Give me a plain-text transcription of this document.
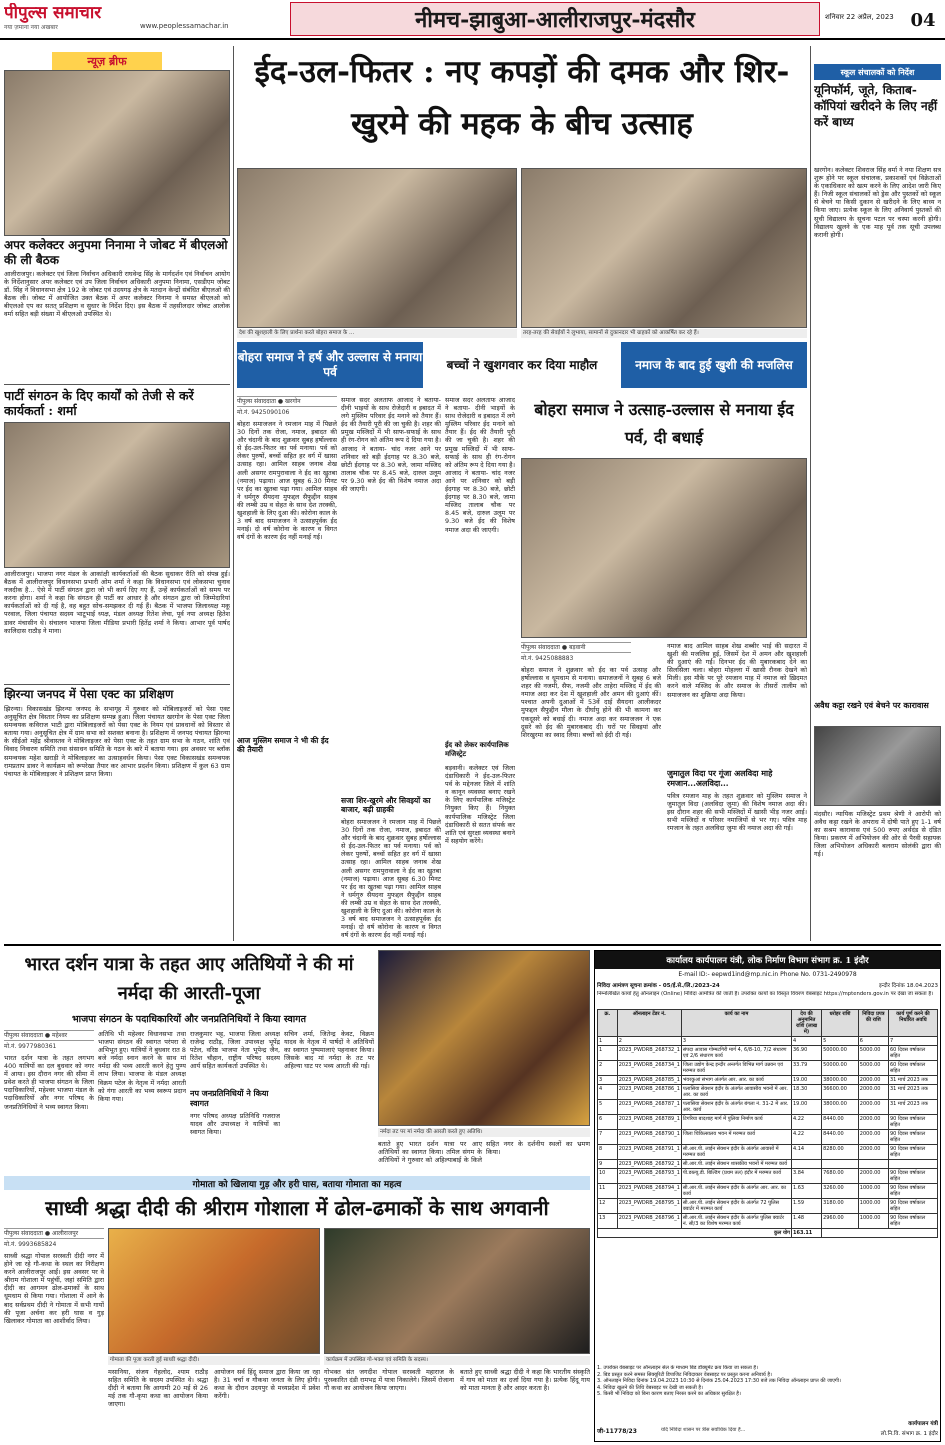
पीपुल्स समाचार
नया ज़माना नया अखबार	www.peoplessamachar.in	नीमच-झाबुआ-आलीराजपुर-मंदसौर	शनिवार 22 अप्रैल, 2023 04
न्यूज़ ब्रीफ
अपर कलेक्टर अनुपमा निनामा ने जोबट में बीएलओ की ली बैठक
आलीराजपुर। कलेक्टर एवं जिला निर्वाचन अधिकारी राघवेन्द्र सिंह के मार्गदर्शन एवं निर्वाचन आयोग के निर्देशानुसार अपर कलेक्टर एवं उप जिला निर्वाचन अधिकारी अनुपमा निनामा, एसडीएम जोबट डॉ. सिंह ने विधानसभा क्षेत्र 192 के जोबट एवं उदयगढ़ क्षेत्र के मतदान केन्द्रों संबंधित बीएलओ की बैठक ली। जोबट में आयोजित उक्त बैठक में अपर कलेक्टर निनामा ने समस्त बीएलओ को बीएलओ एप का सतत् प्रशिक्षण व सुधार के निर्देश दिए। इस बैठक में तहसीलदार जोबट आलोक वर्मा सहित बड़ी संख्या में बीएलओ उपस्थित थे।
पार्टी संगठन के दिए कार्यों को तेजी से करें कार्यकर्ता : शर्मा
आलीराजपुर। भाजपा नगर मंडल के आकांक्षी कार्यकर्ताओं की बैठक सुधाकर रीति को संपन्न हुई। बैठक में आलीराजपुर विधानसभा प्रभारी ओम शर्मा ने कहा कि विधानसभा एवं लोकसभा चुनाव नजदीक है... ऐसे में पार्टी संगठन द्वारा जो भी कार्य दिए गए हैं, उन्हें कार्यकर्ताओं को समय पर करना होगा। शर्मा ने कहा कि संगठन ही पार्टी का आधार है और संगठन द्वारा जो जिम्मेदारियां कार्यकर्ताओं को दी गई है, वह बहुत सोच-समझकर दी गई हैं। बैठक में भाजपा जिलाध्यक्ष मकू परवाल, जिला पंचायत सदस्य भाटूभाई ध्यक्ष, मंडल अध्यक्ष रितेश लेचा, पूर्व नपा अध्यक्ष हितेश डावर मंचासीन थे। संचालन भाजपा जिला मीडिया प्रभारी हितेंद्र शर्मा ने किया। आभार पूर्व पार्षद कालिदास राठौड़ ने माना।
झिरन्या जनपद में पेसा एक्ट का प्रशिक्षण
झिरन्या। विकासखंड झिरन्या जनपद के सभागृह में गुरुवार को मोबिलाइजरों को पेसा एक्ट अनुसूचित क्षेत्र विस्तार नियम का प्रशिक्षण सम्पन्न हुआ। जिला पंचायत खरगोन के पेसा एक्ट जिला समन्वयक कविराज भाटी द्वारा मोबिलाइजरों को पेसा एक्ट के नियम एवं प्रावधानों को विस्तार से बताया गया। अनुसूचित क्षेत्र में ग्राम सभा को सशक्त बनाना है। प्रशिक्षण में जनपद पंचायत झिरन्या के सीईओ महेंद्र श्रीवास्तव ने मोबिलाइजर को पेसा एक्ट के तहत ग्राम सभा के गठन, शांति एवं विवाद निवारण समिति तथा संसाधन समिति के गठन के बारे में बताया गया। इस अवसर पर ब्लॉक समन्वयक महेश खराड़ी ने मोबिलाइजर का उत्साहवर्धन किया। पेसा एक्ट विकासखंड समन्वयक रामप्रताप डावर ने कार्यक्रम को रूपरेखा तैयार कर आभार प्रदर्शन किया। प्रशिक्षण में कुल 63 ग्राम पंचायत के मोबिलाइजर ने प्रशिक्षण प्राप्त किया।
ईद-उल-फितर : नए कपड़ों की दमक और शिर-खुरमे की महक के बीच उत्साह
देश की खुशहाली के लिए प्रार्थना करते बोहरा समाज के ...	तरह-तरह की सेवईयों ने लुभाया, सामानों से दुकानदार भी ग्राहकों को आकर्षित कर रहे हैं।
बोहरा समाज ने हर्ष और उल्लास से मनाया पर्व
बच्चों ने खुशगवार कर दिया माहौल	नमाज के बाद हुई खुशी की मजलिस
पीपुल्स संवाददाता ● खरगोन
मो.नं. 9425090106
बोहरा समाजजन ने रमजान माह में पिछले 30 दिनों तक रोजा, नमाज, इबादत की और चंदानी के बाद शुक्रवार सुबह हर्षोल्लास से ईद-उल-फितर का पर्व मनाया। पर्व को लेकर पुरुषों, बच्चों सहित हर वर्ग में खासा उत्साह रहा। आमिल साहब जनाब शेख अली असगर रामपुरावाला ने ईद का खुतबा (नमाज) पढ़ाया। आज सुबह 6.30 मिनट पर ईद का खुतबा पढ़ा गया। आमिल साहब ने धर्मगुरु सैयदना मुफद्दल सैफुद्दीन साहब की लम्बी उम्र व सेहत के साथ देश तरक्की, खुशहाली के लिए दुआ की। कोरोना काल के 3 वर्ष बाद समाजजन ने उत्साहपूर्वक ईद मनाई। दो वर्ष कोरोना के कारण व विगत वर्ष दंगों के कारण ईद नहीं मनाई गई।
समाज सदर अलताफ आजाद ने बताया- दीनी भाइयों के साथ रोजेदारी व इबादत में लगे मुस्लिम परिवार ईद मनाने को तैयार हैं। ईद की तैयारी पूरी की जा चुकी है। शहर की प्रमुख मस्जिदों में भी साफ-सफाई के साथ ही रंग-रोगन को अंतिम रूप दे दिया गया है। आजाद ने बताया- चांद नजर आने पर शनिवार को बड़ी ईदगाह पर 8.30 बजे, छोटी ईदगाह पर 8.30 बजे, जामा मस्जिद तालाब चौक पर 8.45 बजे, दारुल उलूम पर 9.30 बजे ईद की विशेष नमाज अदा की जाएगी।
आज मुस्लिम समाज ने भी की ईद की तैयारी
सजा शिर-खुरमे और सिवइयों का बाजार, बढ़ी ग्राहकी
बोहरा समाजजन ने रमजान माह में पिछले 30 दिनों तक रोजा, नमाज, इबादत की और चंदानी के बाद शुक्रवार सुबह हर्षोल्लास से ईद-उल-फितर का पर्व मनाया। पर्व को लेकर पुरुषों, बच्चों सहित हर वर्ग में खासा उत्साह रहा। आमिल साहब जनाब शेख अली असगर रामपुरावाला ने ईद का खुतबा (नमाज) पढ़ाया। आज सुबह 6.30 मिनट पर ईद का खुतबा पढ़ा गया। आमिल साहब ने धर्मगुरु सैयदना मुफद्दल सैफुद्दीन साहब की लम्बी उम्र व सेहत के साथ देश तरक्की, खुशहाली के लिए दुआ की। कोरोना काल के 3 वर्ष बाद समाजजन ने उत्साहपूर्वक ईद मनाई। दो वर्ष कोरोना के कारण व विगत वर्ष दंगों के कारण ईद नहीं मनाई गई।
समाज सदर अलताफ आजाद ने बताया- दीनी भाइयों के साथ रोजेदारी व इबादत में लगे मुस्लिम परिवार ईद मनाने को तैयार हैं। ईद की तैयारी पूरी की जा चुकी है। शहर की प्रमुख मस्जिदों में भी साफ-सफाई के साथ ही रंग-रोगन को अंतिम रूप दे दिया गया है। आजाद ने बताया- चांद नजर आने पर शनिवार को बड़ी ईदगाह पर 8.30 बजे, छोटी ईदगाह पर 8.30 बजे, जामा मस्जिद तालाब चौक पर 8.45 बजे, दारुल उलूम पर 9.30 बजे ईद की विशेष नमाज अदा की जाएगी।
ईद को लेकर कार्यपालिक मजिस्ट्रेट
बड़वानी। कलेक्टर एवं जिला दंडाधिकारी ने ईद-उल-फितर पर्व के मद्देनजर जिले में शांति व कानून व्यवस्था बनाए रखने के लिए कार्यपालिक मजिस्ट्रेट नियुक्त किए हैं। नियुक्त कार्यपालिक मजिस्ट्रेट जिला दंडाधिकारी से सतत संपर्क कर शांति एवं सुरक्षा व्यवस्था बनाने में सहयोग करेंगे।
बोहरा समाज ने उत्साह-उल्लास से मनाया ईद पर्व, दी बधाई
पीपुल्स संवाददाता ● बड़वानी
मो.नं. 9425088883
बोहरा समाज ने शुक्रवार को ईद का पर्व उत्साह और हर्षोल्लास व धूमधाम से मनाया। समाजजनों ने सुबह 6 बजे शहर की नजमी, सैफ, नजमी और ताहेरा मस्जिद में ईद की नमाज अदा कर देश में खुशहाली और अमन की दुआएं कीं। पश्चात अपनी दुआओं में 53वें दाई सैयदना आलीकदर मुफद्दल सैफुद्दीन मौला के दीर्घायु होने की भी कामना कर एकदूसरे को बधाई दी। नमाज अदा कर समाजजन ने एक दूसरे को ईद की मुबारकबाद दी। घरों पर सिवइयां और शिरखुरमा का स्वाद लिया। बच्चों को ईदी दी गई।
नमाज बाद आमिल साहब शेख शब्बीर भाई की सदारत में खुशी की मजलिस हुई, जिसमें देश में अमन और खुशहाली की दुआएं की गईं। दिनभर ईद की मुबारकबाद देने का सिलसिला चला। बोहरा मोहल्ला में खासी रौनक देखने को मिली। इस मौके पर पूरे रमजान माह में नमाज को ख़िदमत करने वाले मस्जिद के और समाज के तीसरों तालीम को समाजजन का शुक्रिया अदा किया।
जुमातुल विदा पर गूंजा अलविदा माहे रमजान...अलविदा...
पवित्र रमजान माह के तहत शुक्रवार को मुस्लिम समाज ने जुमातुल विदा (अलविदा जुमा) की विशेष नमाज अदा की। इस दौरान शहर की सभी मस्जिदों में खासी भीड़ नजर आई। सभी मस्जिदों व परिसर नमाजियों से भर गए। पवित्र माह रमजान के तहत अलविदा जुमा की नमाज अदा की गई।
स्कूल संचालकों को निर्देश
यूनिफॉर्म, जूते, किताब-कॉपियां खरीदने के लिए नहीं करें बाध्य
खरगोन। कलेक्टर शिवराज सिंह वर्मा ने नया शिक्षण सत्र शुरू होने पर स्कूल संचालक, प्रकाशकों एवं विक्रेताओं के एकाधिकार को खत्म करने के लिए आदेश जारी किए हैं। निजी स्कूल संचालकों को ड्रेस और पुस्तकों को स्कूल से बेचने या किसी दुकान से खरीदने के लिए बाध्य न किया जाए। प्रत्येक स्कूल के लिए अनिवार्य पुस्तकों की सूची विद्यालय के सूचना पटल पर चस्पा करनी होगी। विद्यालय खुलने के एक माह पूर्व तक सूची उपलब्ध करानी होगी।
अवैध कट्टा रखने एवं बेचने पर कारावास
मंदसौर। न्यायिक मजिस्ट्रेट प्रथम श्रेणी ने आरोपी को अवैध कट्टा रखने के अपराध में दोषी पाते हुए 1-1 वर्ष का सश्रम कारावास एवं 500 रुपए अर्थदंड से दंडित किया। प्रकरण में अभियोजन की ओर से पैरवी सहायक जिला अभियोजन अधिकारी बलराम सोलंकी द्वारा की गई।
भारत दर्शन यात्रा के तहत आए अतिथियों ने की मां नर्मदा की आरती-पूजा
भाजपा संगठन के पदाधिकारियों और जनप्रतिनिधियों ने किया स्वागत
नर्मदा तट पर मां नर्मदा की आरती करते हुए अतिथि।
पीपुल्स संवाददाता ● महेश्वर
मो.नं. 9977980361
भारत दर्शन यात्रा के तहत लगभग 400 यात्रियों का दल बुधवार को नगर में आया। इस दौरान नगर की सीमा में प्रवेश करते ही भाजपा संगठन के जिला पदाधिकारियों, महेश्वर भाजपा मंडल के पदाधिकारियों और नगर परिषद के जनप्रतिनिधियों ने भव्य स्वागत किया।
अतिथि भी महेश्वर विधानसभा तथा भाजपा संगठन की स्वागत परंपरा से अभिभूत हुए। यात्रियों ने बुधवार रात 8 बजे नर्मदा स्नान करने के साथ मां नर्मदा की भव्य आरती करने हेतु पुण्य लाभ लिया। भाजपा के मंडल अध्यक्ष विक्रम पटेल के नेतृत्व में नर्मदा आरती को गंगा आरती का भव्य स्वरूप प्रदान किया गया।
राजकुमार भट्ट, भाजपा जिला अध्यक्ष राजेन्द्र राठौड़, जिला उपाध्यक्ष भूपेंद्र पटेल, वरिष्ठ भाजपा नेता भूपेन्द्र जैन, रितेश चौहान, राष्ट्रीय परिषद सदस्य आर्य सहित कार्यकर्ता उपस्थित थे।
नप जनप्रतिनिधियों ने किया स्वागत
नगर परिषद अध्यक्ष प्रतिनिधि गजराज यादव और उपाध्यक्ष ने यात्रियों का स्वागत किया।
सचिन शर्मा, जितेन्द्र केवट, विक्रम यादव के नेतृत्व में पार्षदों ने अतिथियों का स्वागत पुष्पमालाएं पहनाकर किया। जिसके बाद मां नर्मदा के तट पर अहिल्या घाट पर भव्य आरती की गई।
बताते हुए भारत दर्शन यात्रा पर आए अतिथियों का स्वागत किया। तमिल संगम के अतिथियों ने गुरुवार को अहिल्याबाई के किले सहित नगर के दर्शनीय स्थलों का भ्रमण किया।
गोमाता को खिलाया गुड़ और हरी घास, बताया गोमाता का महत्व
साध्वी श्रद्धा दीदी की श्रीराम गोशाला में ढोल-ढमाकों के साथ अगवानी
पीपुल्स संवाददाता ● आलीराजपुर
मो.नं. 9993685824
साध्वी श्रद्धा गोपाल सरस्वती दीदी नगर में होने जा रहे गौ-कथा के स्थल का निरीक्षण करने आलीराजपुर आईं। इस अवसर पर वे श्रीराम गोशाला में पहुंचीं, जहां समिति द्वारा दीदी का आगमन ढोल-ढमाकों के साथ धूमधाम से किया गया। गोशाला में आने के बाद सर्वप्रथम दीदी ने गोमाता में सभी गायों की पूजा अर्चना कर हरी घास व गुड़ खिलाकर गोमाता का आशीर्वाद लिया।
गोमाता की पूजा करती हुई साध्वी श्रद्धा दीदी।	कार्यक्रम में उपस्थित गो-भक्त एवं समिति के सदस्य।
मसानिया, संजय गेहलोद, श्याम राठौड़ सहित समिति के सदस्य उपस्थित थे। श्रद्धा दीदी ने बताया कि आगामी 20 मई से 26 मई तक गौ-कृपा कथा का आयोजन किया जाएगा।
आयोजन सर्व हिंदू समाज द्वारा किया जा रहा है। 31 चर्चा व गौकथा जनता के लिए होगी। कथा के दौरान उदयपुर से मध्यप्रदेश में प्रवेश करेंगी।
गोभक्त संत जगदीश गोपाल सरस्वती महाराज के पुरस्कारित दंडी रामभद्र में यात्रा निकालेगे। जिसमें रोजाना गौ कथा का आयोजन किया जाएगा।
बताते हुए साध्वी श्रद्धा दीदी ने कहा कि भारतीय संस्कृति में गाय को माता का दर्जा दिया गया है। प्रत्येक हिंदू गाय को माता मानता है और आदर करता है।
कार्यालय कार्यपालन यंत्री, लोक निर्माण विभाग संभाग क्र. 1 इंदौर
E-mail ID:- eepwd1ind@mp.nic.in Phone No. 0731-2490978
निविदा आमंत्रण सूचना क्रमांक - 05/ई.से./लि./2023-24	इन्दौर दिनांक 18.04.2023
निम्नलिखित कार्यों हेतु ऑनलाइन (Online) निविदा आमंत्रित की जाती है। उपरोक्त कार्यों का विस्तृत विवरण वेबसाइट https://mptenders.gov.in पर देखा जा सकता है।
क्र.	ऑनलाइन टेंडर नं.	कार्य का नाम	देय की अनुमानित राशि (लाख में)	धरोहर राशि	निविदा प्रपत्र की राशि	कार्य पूर्ण करने की निर्धारित अवधि
1	2	3	4	5	6	7
1	2023_PWDRB_268732_1	संपदा आवास गोम्मटगिरी मार्ग 4, 6/8-10, 7/2 संधारण एवं 2/6 संधारण कार्य	36.90	50000.00	5000.00	60 दिवस वर्षाकाल सहित
2	2023_PWDRB_268734_1	जिला उद्योग केन्द्र इन्दौर अन्तर्गत विभिन्न मार्ग उन्नयन एवं मरम्मत कार्य	33.79	50000.00	5000.00	60 दिवस वर्षाकाल सहित
3	2023_PWDRB_268785_1	भंवरकुआं संभाग अंतर्गत आर. आर. का कार्य	19.00	38000.00	2000.00	31 मार्च 2023 तक
4	2023_PWDRB_268786_1	पलासिया सेक्शन इंदौर के अंतर्गत आवासीय भवनों में आर. आर. का कार्य	18.30	36600.00	2000.00	31 मार्च 2023 तक
5	2023_PWDRB_268787_1	पलासिया सेक्शन इंदौर के अंतर्गत बंगला नं. 31-2 में आर. आर. कार्य	19.00	38000.00	2000.00	31 मार्च 2023 तक
6	2023_PWDRB_268789_1	टिगरिया बादशाह मार्ग में पुलिया निर्माण कार्य	4.22	8440.00	2000.00	90 दिवस वर्षाकाल सहित
7	2023_PWDRB_268790_1	जिला चिकित्सालय भवन में मरम्मत कार्य	4.22	8440.00	2000.00	90 दिवस वर्षाकाल सहित
8	2023_PWDRB_268791_1	सी.आर.पी. लाईन सेक्शन इंदौर के अंतर्गत आवासों में मरम्मत कार्य	4.14	8280.00	2000.00	90 दिवस वर्षाकाल सहित
9	2023_PWDRB_268792_1	सी.आर.पी. लाईन सेक्शन शासकीय भवनों में मरम्मत कार्य				
10	2023_PWDRB_268793_1	पी.डब्ल्यू.डी. बिल्डिंग (प्रथम तल) इंदौर में मरम्मत कार्य	3.84	7680.00	2000.00	90 दिवस वर्षाकाल सहित
11	2023_PWDRB_268794_1	सी.आर.पी. लाईन सेक्शन इंदौर के अंतर्गत आर. आर. का कार्य	1.63	3260.00	1000.00	90 दिवस वर्षाकाल सहित
12	2023_PWDRB_268795_1	सी.आर.पी. लाईन सेक्शन इंदौर के अंतर्गत 72 पुलिस क्वार्टर में मरम्मत कार्य	1.59	3180.00	1000.00	90 दिवस वर्षाकाल सहित
13	2023_PWDRB_268796_1	सी.आर.पी. लाईन सेक्शन इंदौर के अंतर्गत पुलिस क्वार्टर नं. सी/3 का विशेष मरम्मत कार्य	1.48	2960.00	1000.00	90 दिवस वर्षाकाल सहित
कुल योग			163.11			
1. उपरोक्त वेबसाइट पर ऑनलाइन सेल के माध्यम बिड डॉक्यूमेंट क्रय किया जा सकता है।
2. बिड प्रस्तुत करने समस्त सिक्यूरिटी डिपाजिट निविदाकार वेबसाइट पर प्रस्तुत करना अनिवार्य है।
3. ऑनलाइन निविदा दिनांक 19.04.2023 10:30 से दिनांक 25.04.2023 17:30 बजे तक निविदा ऑनलाइन प्राप्त की जाएगी।
4. निविदा खुलने की तिथि वेबसाइट पर देखी जा सकती है।
5. किसी भी निविदा को बिना कारण बताए निरस्त करने का अधिकार सुरक्षित है।
जी-11778/23	यदि निविदा शासन पर त्रीस सर्वाधिक दिया है...
कार्यपालन यंत्री
लो.नि.वि. संभाग क्र. 1 इंदौर
